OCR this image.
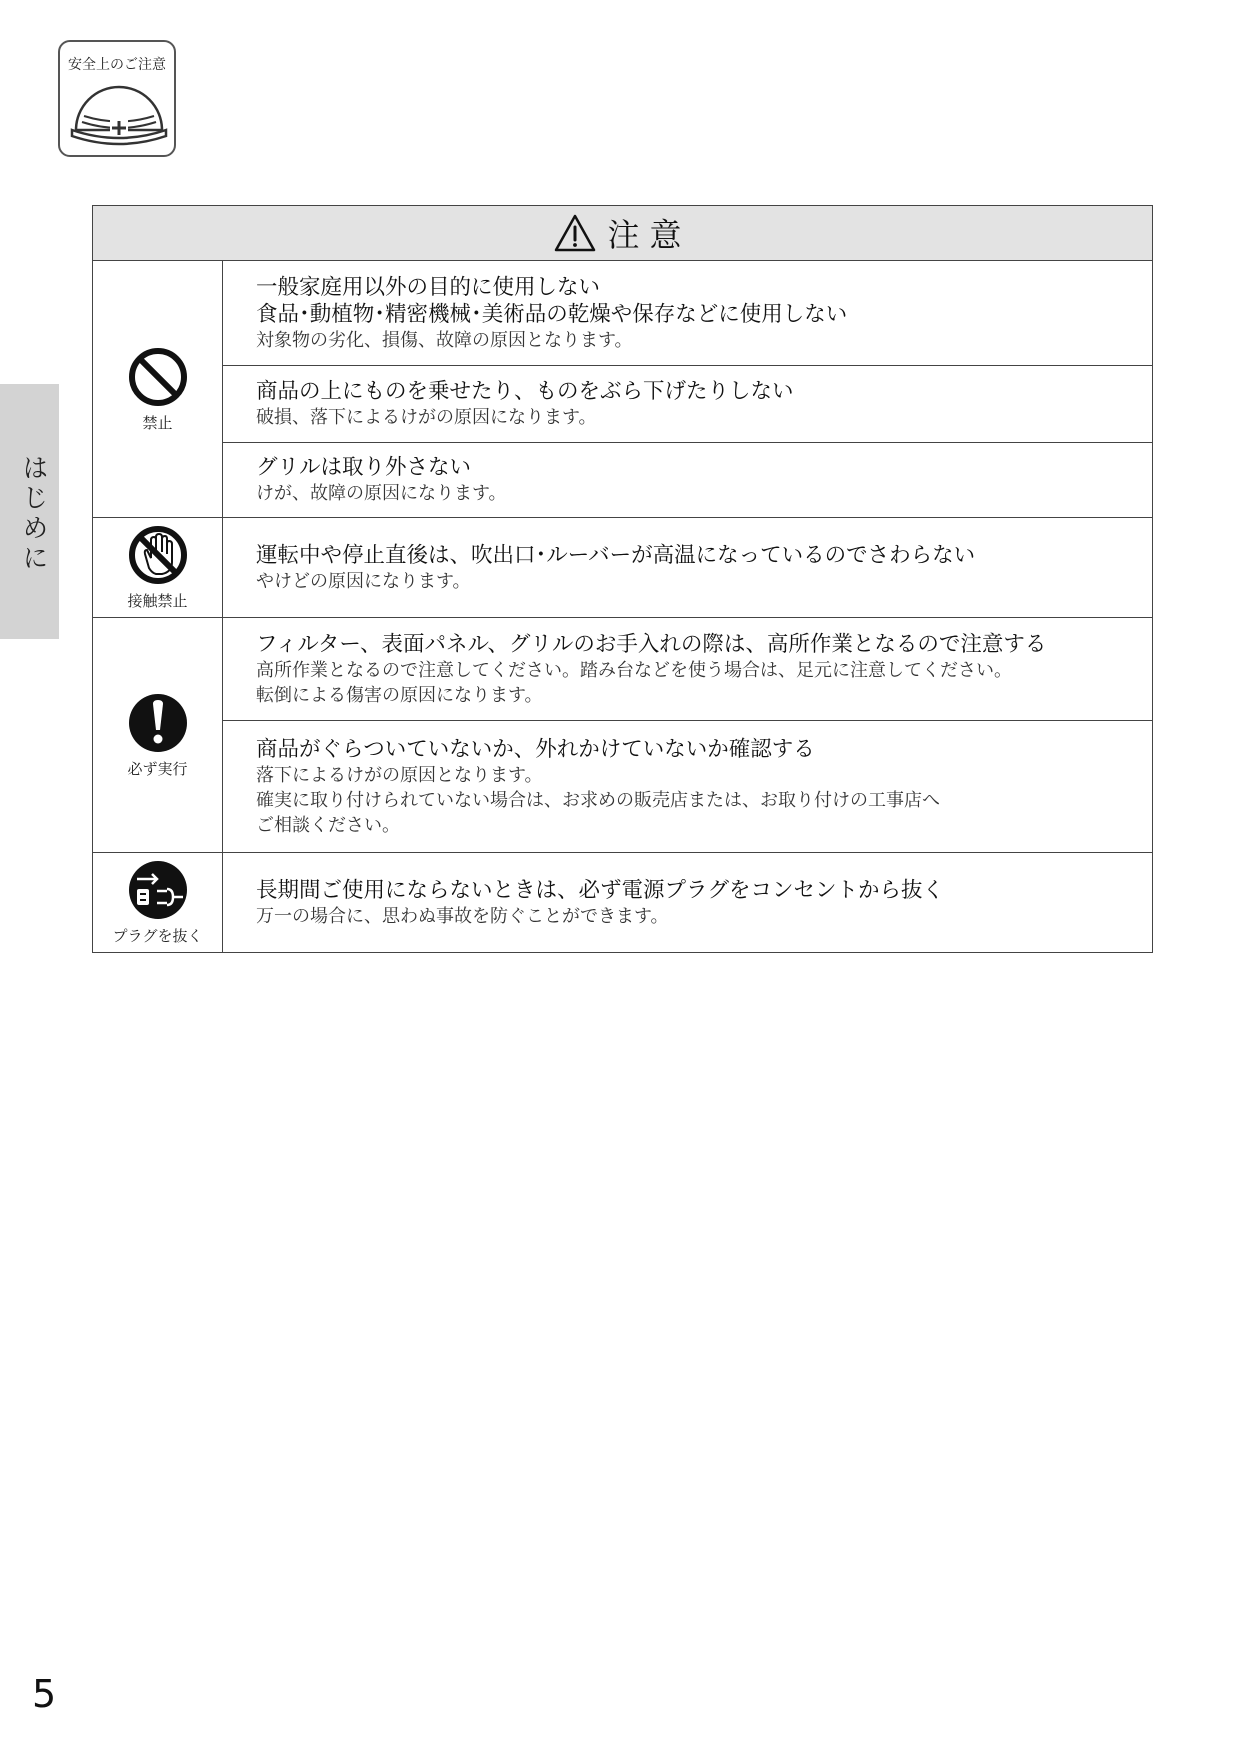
安全上のご注意
はじめに
注意
禁止
一般家庭用以外の目的に使用しない
食品･動植物･精密機械･美術品の乾燥や保存などに使用しない
対象物の劣化、損傷、故障の原因となります。
商品の上にものを乗せたり、ものをぶら下げたりしない
破損、落下によるけがの原因になります。
グリルは取り外さない
けが、故障の原因になります。
接触禁止
運転中や停止直後は、吹出口･ルーバーが高温になっているのでさわらない
やけどの原因になります。
必ず実行
フィルター、表面パネル、グリルのお手入れの際は、高所作業となるので注意する
高所作業となるので注意してください。踏み台などを使う場合は、足元に注意してください。
転倒による傷害の原因になります。
商品がぐらついていないか、外れかけていないか確認する
落下によるけがの原因となります。
確実に取り付けられていない場合は、お求めの販売店または、お取り付けの工事店へ
ご相談ください。
プラグを抜く
長期間ご使用にならないときは、必ず電源プラグをコンセントから抜く
万一の場合に、思わぬ事故を防ぐことができます。
5
